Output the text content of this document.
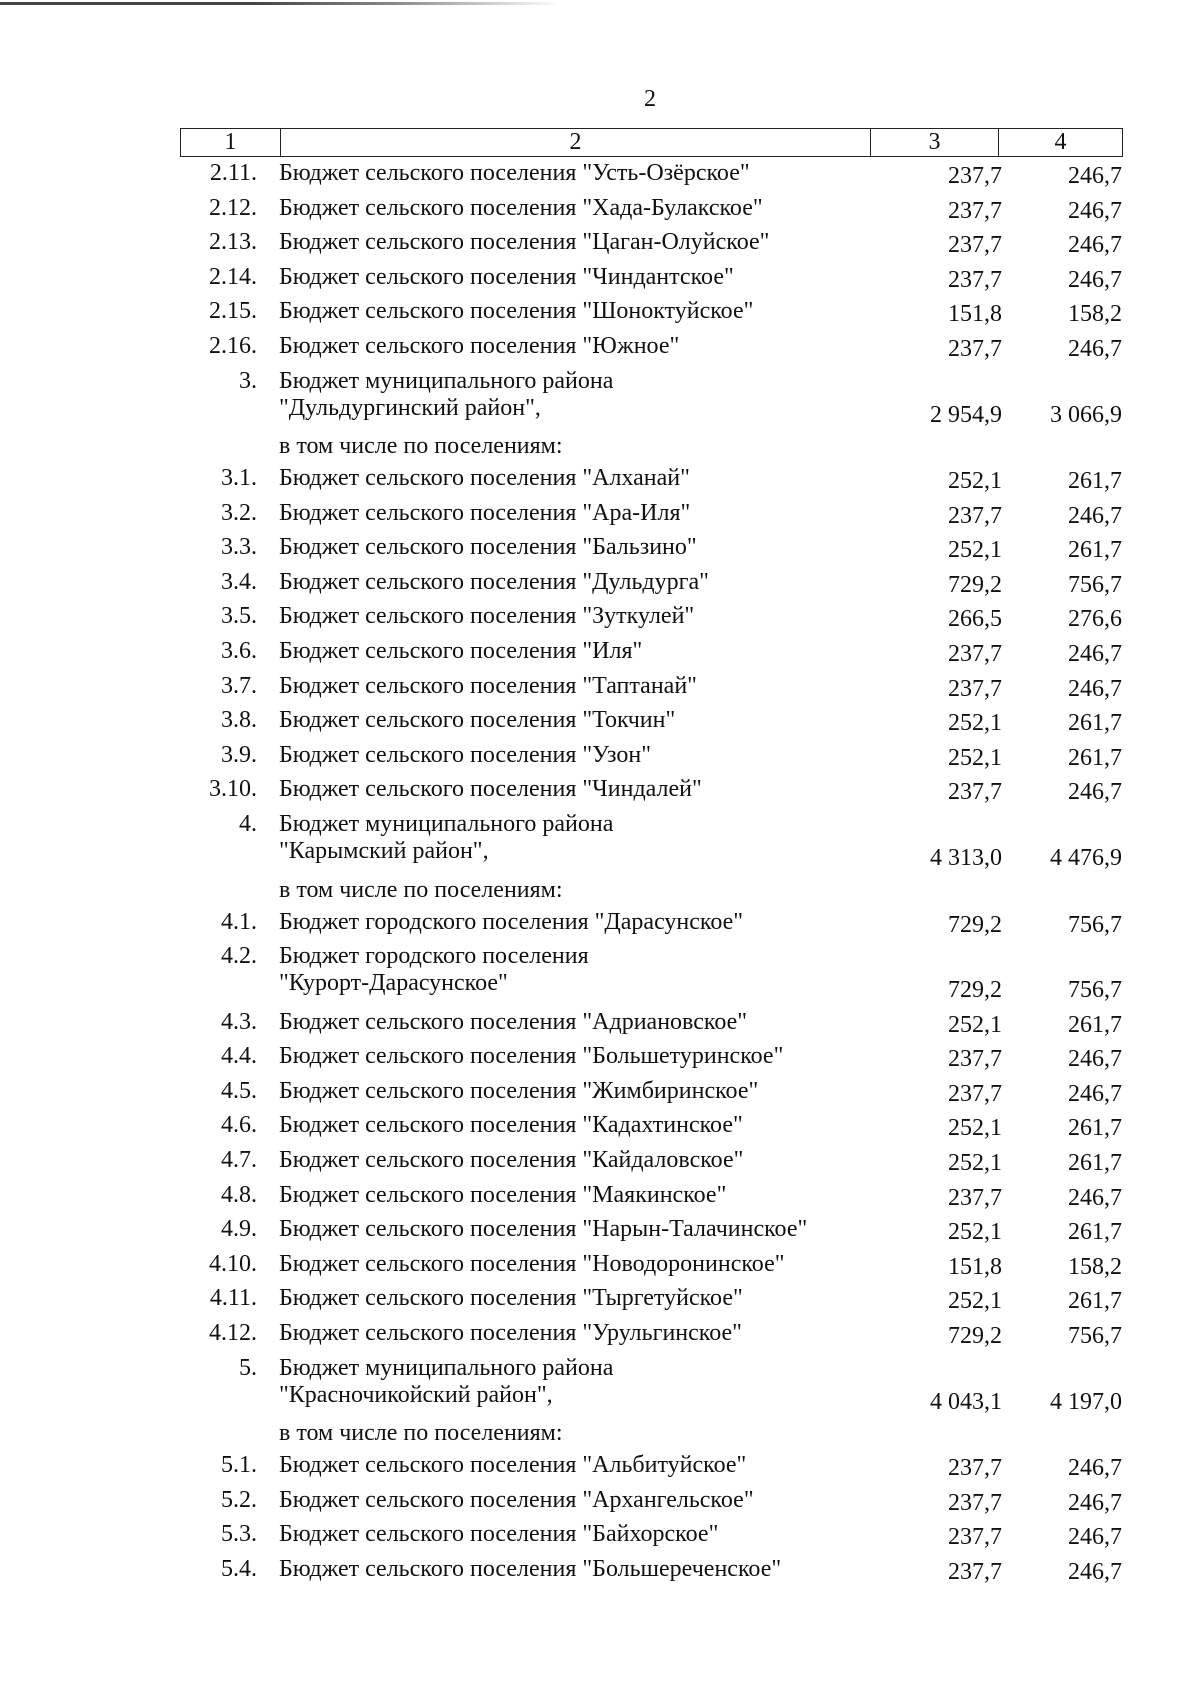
2
1	2	3	4
2.11. Бюджет сельского поселения "Усть-Озёрское"	237,7	246,7
2.12. Бюджет сельского поселения "Хада-Булакское"	237,7	246,7
2.13. Бюджет сельского поселения "Цаган-Олуйское"	237,7	246,7
2.14. Бюджет сельского поселения "Чиндантское"	237,7	246,7
2.15. Бюджет сельского поселения "Шоноктуйское"	151,8	158,2
2.16. Бюджет сельского поселения "Южное"	237,7	246,7
3. Бюджет муниципального района
"Дульдургинский район",	2 954,9	3 066,9
в том числе по поселениям:
3.1. Бюджет сельского поселения "Алханай"	252,1	261,7
3.2. Бюджет сельского поселения "Ара-Иля"	237,7	246,7
3.3. Бюджет сельского поселения "Бальзино"	252,1	261,7
3.4. Бюджет сельского поселения "Дульдурга"	729,2	756,7
3.5. Бюджет сельского поселения "Зуткулей"	266,5	276,6
3.6. Бюджет сельского поселения "Иля"	237,7	246,7
3.7. Бюджет сельского поселения "Таптанай"	237,7	246,7
3.8. Бюджет сельского поселения "Токчин"	252,1	261,7
3.9. Бюджет сельского поселения "Узон"	252,1	261,7
3.10. Бюджет сельского поселения "Чиндалей"	237,7	246,7
4. Бюджет муниципального района
"Карымский район",	4 313,0	4 476,9
в том числе по поселениям:
4.1. Бюджет городского поселения "Дарасунское"	729,2	756,7
4.2. Бюджет городского поселения
"Курорт-Дарасунское"	729,2	756,7
4.3. Бюджет сельского поселения "Адриановское"	252,1	261,7
4.4. Бюджет сельского поселения "Большетуринское"	237,7	246,7
4.5. Бюджет сельского поселения "Жимбиринское"	237,7	246,7
4.6. Бюджет сельского поселения "Кадахтинское"	252,1	261,7
4.7. Бюджет сельского поселения "Кайдаловское"	252,1	261,7
4.8. Бюджет сельского поселения "Маякинское"	237,7	246,7
4.9. Бюджет сельского поселения "Нарын-Талачинское"	252,1	261,7
4.10. Бюджет сельского поселения "Новодоронинское"	151,8	158,2
4.11. Бюджет сельского поселения "Тыргетуйское"	252,1	261,7
4.12. Бюджет сельского поселения "Урульгинское"	729,2	756,7
5. Бюджет муниципального района
"Красночикойский район",	4 043,1	4 197,0
в том числе по поселениям:
5.1. Бюджет сельского поселения "Альбитуйское"	237,7	246,7
5.2. Бюджет сельского поселения "Архангельское"	237,7	246,7
5.3. Бюджет сельского поселения "Байхорское"	237,7	246,7
5.4. Бюджет сельского поселения "Большереченское"	237,7	246,7
